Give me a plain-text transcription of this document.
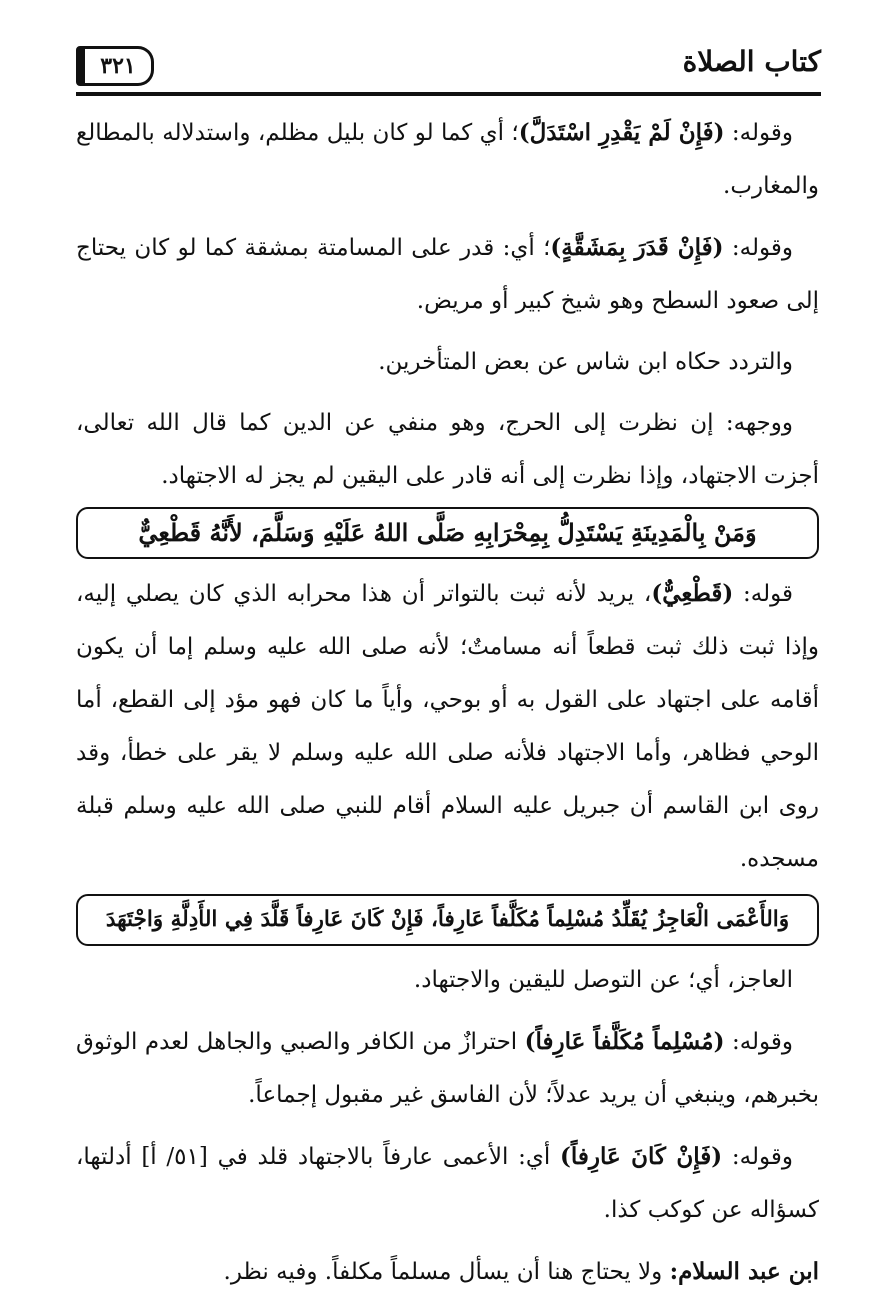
كتاب الصلاة
٣٢١

وقوله: (فَإِنْ لَمْ يَقْدِرِ اسْتَدَلَّ)؛ أي كما لو كان بليل مظلم، واستدلاله بالمطالع والمغارب.

وقوله: (فَإِنْ قَدَرَ بِمَشَقَّةٍ)؛ أي: قدر على المسامتة بمشقة كما لو كان يحتاج إلى صعود السطح وهو شيخ كبير أو مريض.

والتردد حكاه ابن شاس عن بعض المتأخرين.

ووجهه: إن نظرت إلى الحرج، وهو منفي عن الدين كما قال الله تعالى، أجزت الاجتهاد، وإذا نظرت إلى أنه قادر على اليقين لم يجز له الاجتهاد.

وَمَنْ بِالْمَدِينَةِ يَسْتَدِلُّ بِمِحْرَابِهِ صَلَّى اللهُ عَلَيْهِ وَسَلَّمَ، لأَنَّهُ قَطْعِيٌّ

قوله: (قَطْعِيٌّ)، يريد لأنه ثبت بالتواتر أن هذا محرابه الذي كان يصلي إليه، وإذا ثبت ذلك ثبت قطعاً أنه مسامتٌ؛ لأنه صلى الله عليه وسلم إما أن يكون أقامه على اجتهاد على القول به أو بوحي، وأياً ما كان فهو مؤد إلى القطع، أما الوحي فظاهر، وأما الاجتهاد فلأنه صلى الله عليه وسلم لا يقر على خطأ، وقد روى ابن القاسم أن جبريل عليه السلام أقام للنبي صلى الله عليه وسلم قبلة مسجده.

وَالأَعْمَى الْعَاجِزُ يُقَلِّدُ مُسْلِماً مُكَلَّفاً عَارِفاً، فَإِنْ كَانَ عَارِفاً قَلَّدَ فِي الأَدِلَّةِ وَاجْتَهَدَ

العاجز، أي؛ عن التوصل لليقين والاجتهاد.

وقوله: (مُسْلِماً مُكَلَّفاً عَارِفاً) احترازٌ من الكافر والصبي والجاهل لعدم الوثوق بخبرهم، وينبغي أن يريد عدلاً؛ لأن الفاسق غير مقبول إجماعاً.

وقوله: (فَإِنْ كَانَ عَارِفاً) أي: الأعمى عارفاً بالاجتهاد قلد في [٥١/ أ] أدلتها، كسؤاله عن كوكب كذا.

ابن عبد السلام: ولا يحتاج هنا أن يسأل مسلماً مكلفاً. وفيه نظر.
